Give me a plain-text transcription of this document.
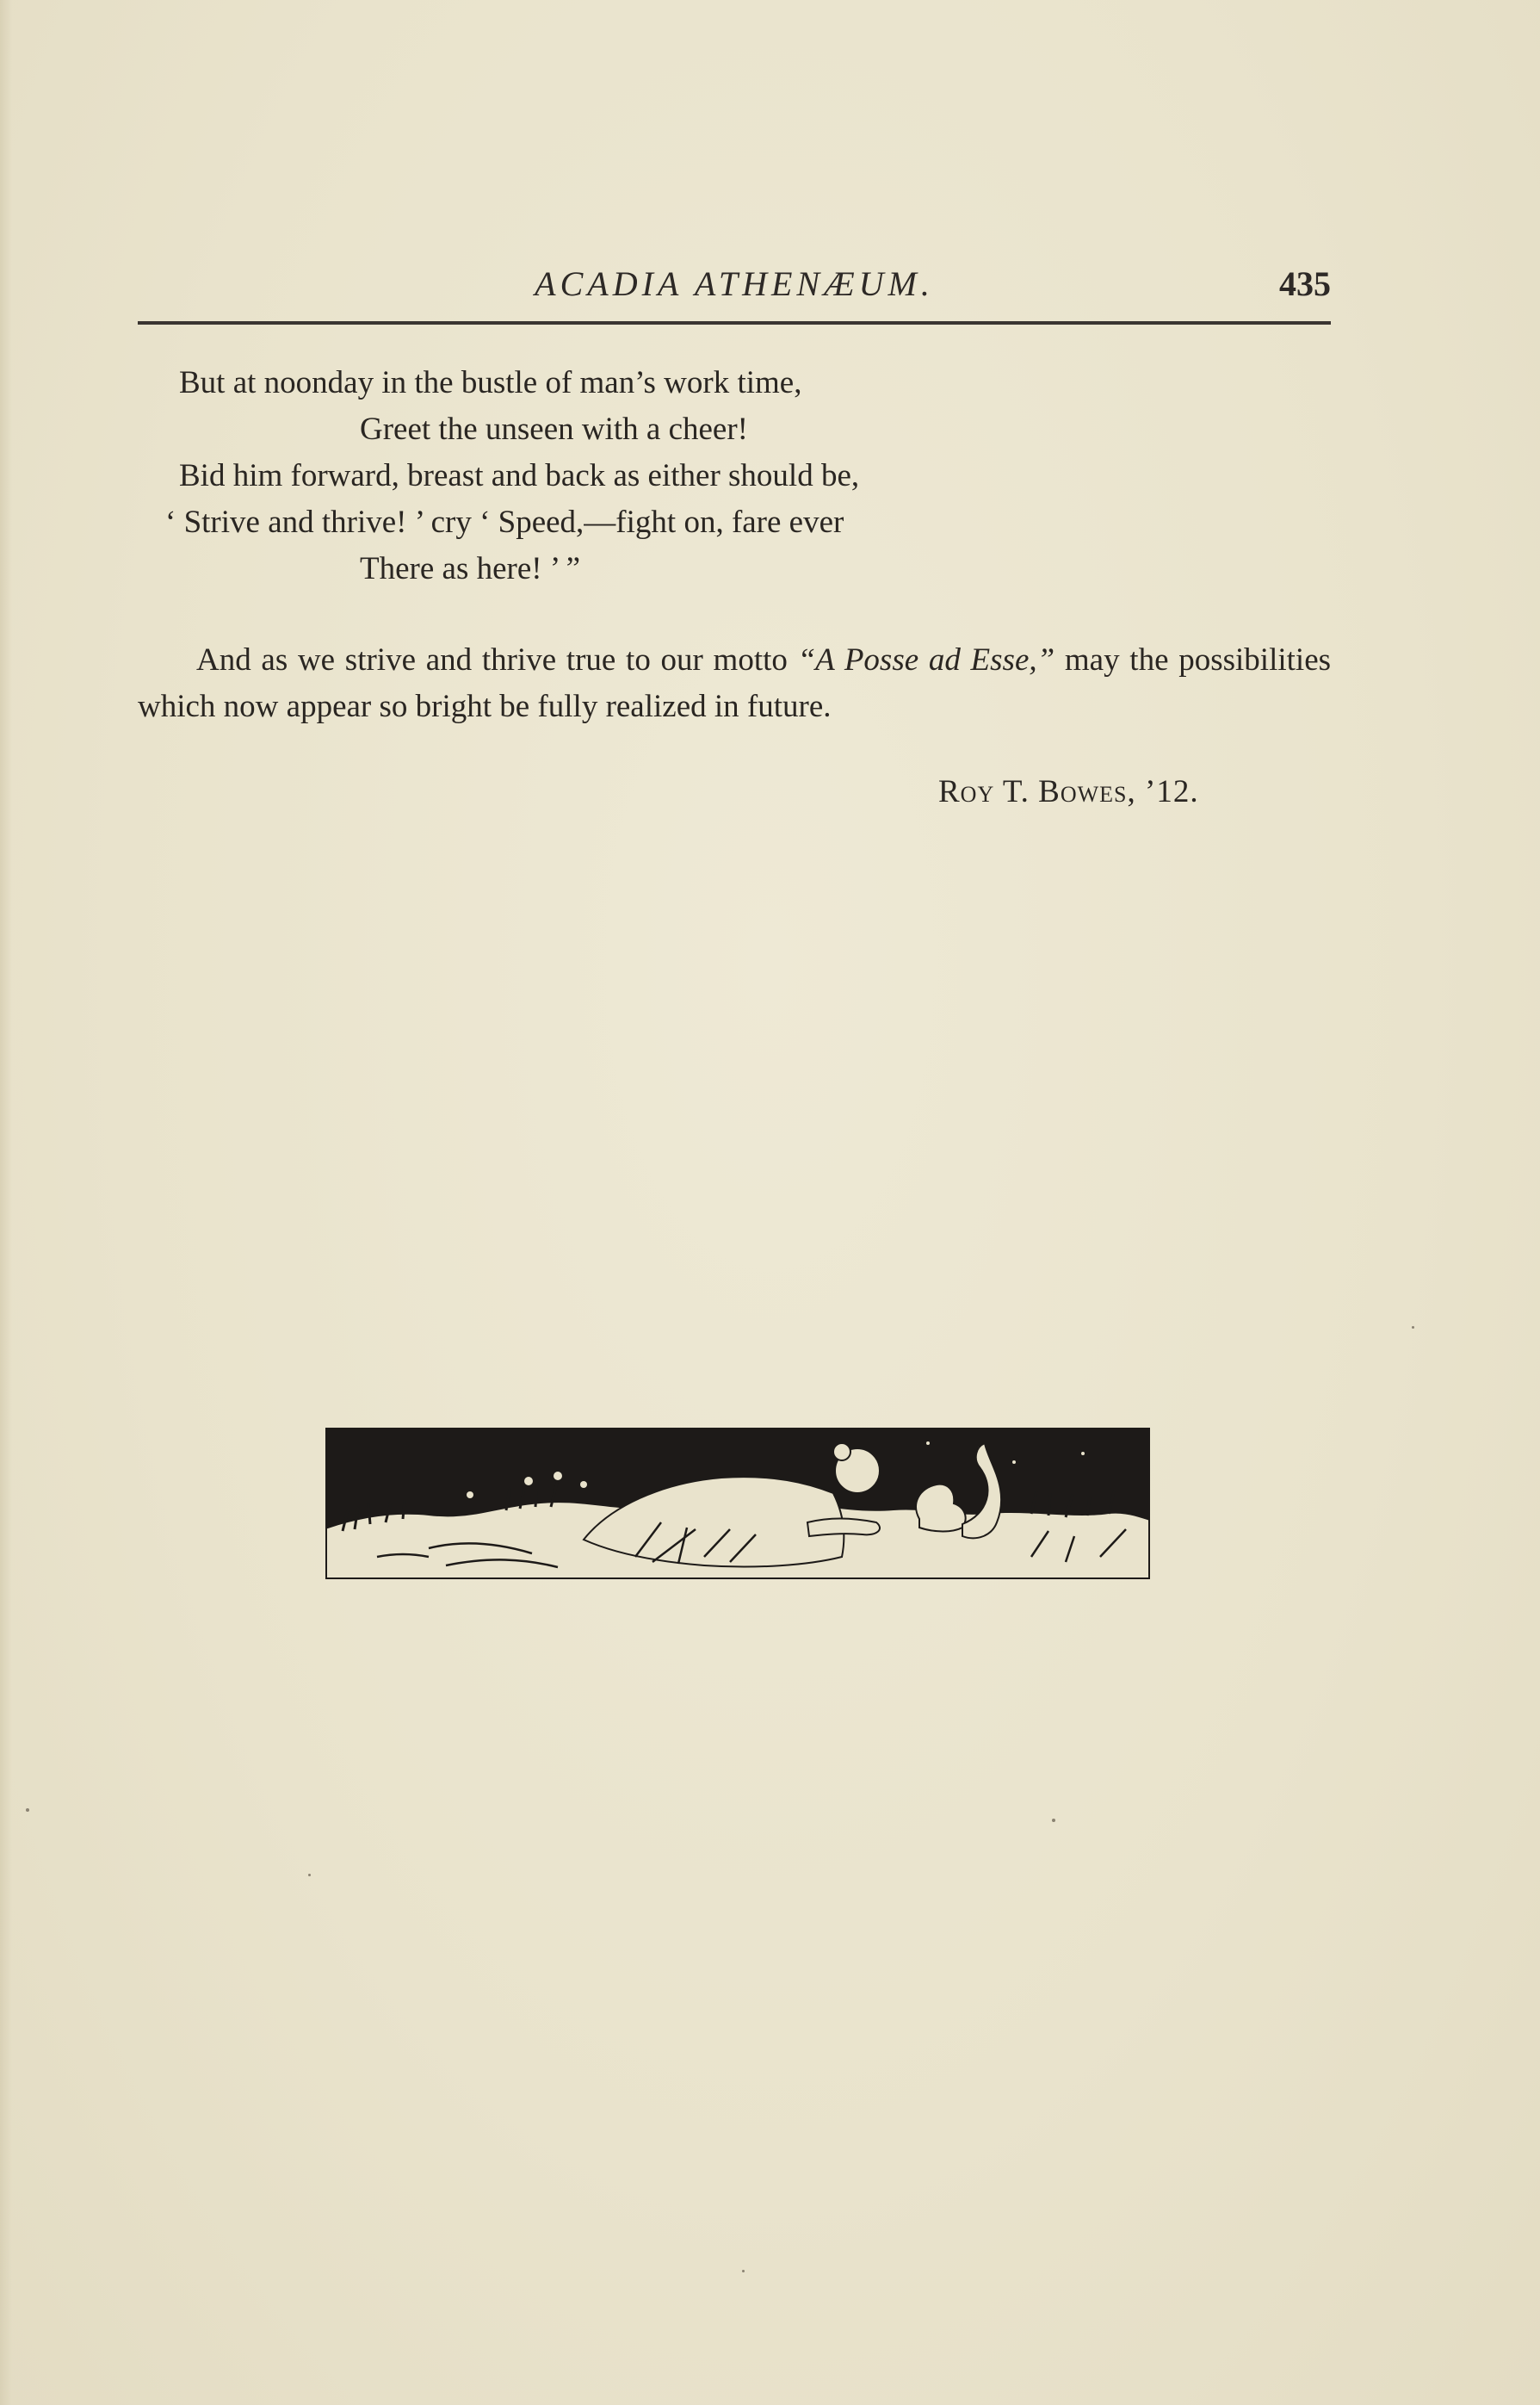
ACADIA ATHENÆUM.	435
But at noonday in the bustle of man’s work time,
Greet the unseen with a cheer!
Bid him forward, breast and back as either should be,
‘ Strive and thrive! ’ cry ‘ Speed,—fight on, fare ever
There as here! ’ ”
And as we strive and thrive true to our motto “A Posse ad Esse,” may the possibilities which now appear so bright be fully realized in future.
Roy T. Bowes, ’12.
